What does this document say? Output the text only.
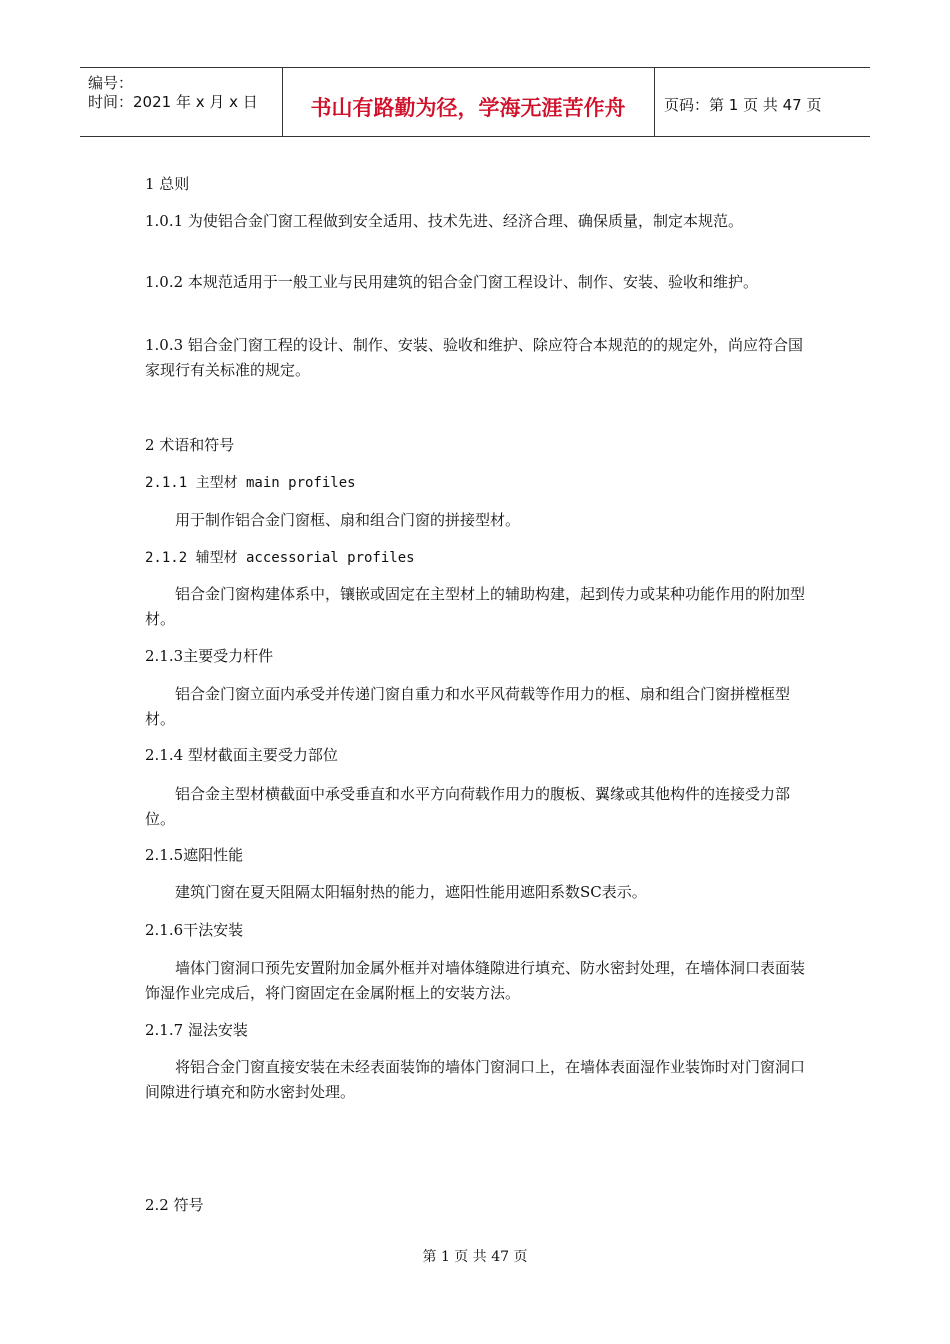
编号：
时间：2021 年 x 月 x 日	书山有路勤为径，学海无涯苦作舟	页码：第 1 页 共 47 页

1 总则

1.0.1 为使铝合金门窗工程做到安全适用、技术先进、经济合理、确保质量，制定本规范。

1.0.2 本规范适用于一般工业与民用建筑的铝合金门窗工程设计、制作、安装、验收和维护。

1.0.3 铝合金门窗工程的设计、制作、安装、验收和维护、除应符合本规范的的规定外，尚应符合国家现行有关标准的规定。

2 术语和符号

2.1.1 主型材 main profiles

用于制作铝合金门窗框、扇和组合门窗的拼接型材。

2.1.2 辅型材 accessorial profiles

铝合金门窗构建体系中，镶嵌或固定在主型材上的辅助构建，起到传力或某种功能作用的附加型材。

2.1.3主要受力杆件

铝合金门窗立面内承受并传递门窗自重力和水平风荷载等作用力的框、扇和组合门窗拼樘框型材。

2.1.4 型材截面主要受力部位

铝合金主型材横截面中承受垂直和水平方向荷载作用力的腹板、翼缘或其他构件的连接受力部位。

2.1.5遮阳性能

建筑门窗在夏天阻隔太阳辐射热的能力，遮阳性能用遮阳系数SC表示。

2.1.6干法安装

墙体门窗洞口预先安置附加金属外框并对墙体缝隙进行填充、防水密封处理，在墙体洞口表面装饰湿作业完成后，将门窗固定在金属附框上的安装方法。

2.1.7 湿法安装

将铝合金门窗直接安装在未经表面装饰的墙体门窗洞口上，在墙体表面湿作业装饰时对门窗洞口间隙进行填充和防水密封处理。

2.2 符号

第 1 页 共 47 页
